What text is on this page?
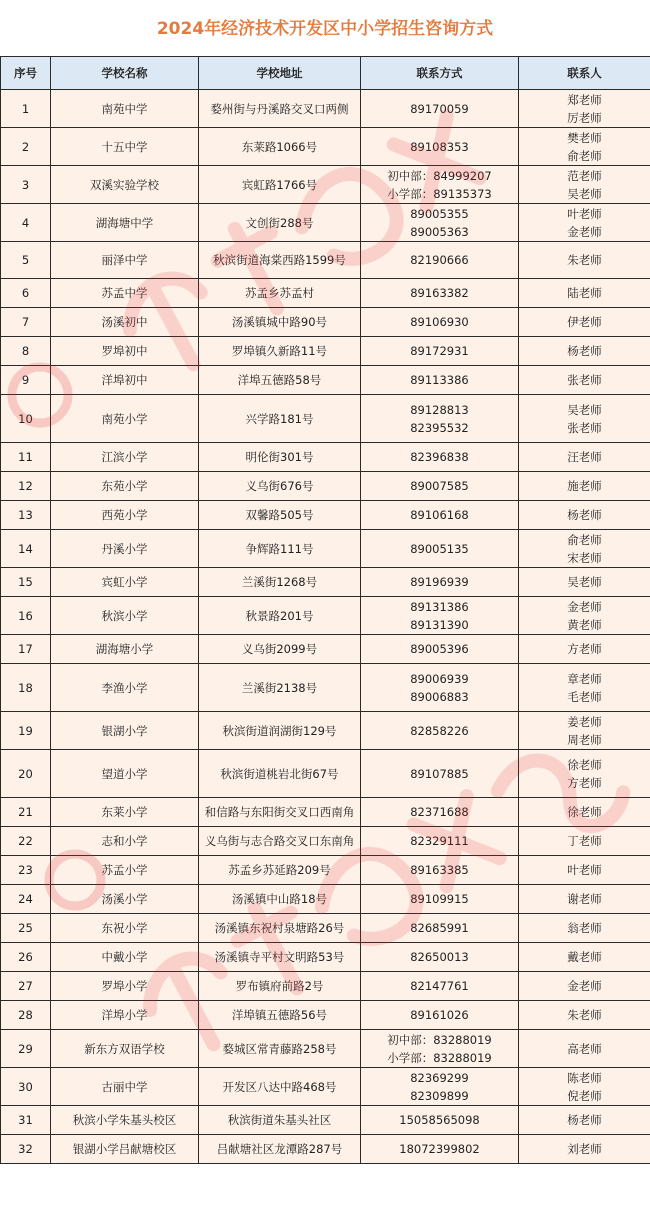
2024年经济技术开发区中小学招生咨询方式
序号	学校名称	学校地址	联系方式	联系人
1	南苑中学	婺州街与丹溪路交叉口两侧	89170059	郑老师
厉老师

2	十五中学	东莱路1066号	89108353	樊老师
俞老师

3	双溪实验学校	宾虹路1766号	初中部：84999207
小学部：89135373	范老师
吴老师

4	湖海塘中学	文创街288号	89005355
89005363	叶老师
金老师

5	丽泽中学	秋滨街道海棠西路1599号	82190666	朱老师

6	苏孟中学	苏孟乡苏孟村	89163382	陆老师

7	汤溪初中	汤溪镇城中路90号	89106930	伊老师

8	罗埠初中	罗埠镇久新路11号	89172931	杨老师

9	洋埠初中	洋埠五德路58号	89113386	张老师

10	南苑小学	兴学路181号	89128813
82395532	吴老师
张老师

11	江滨小学	明伦街301号	82396838	汪老师

12	东苑小学	义乌街676号	89007585	施老师

13	西苑小学	双馨路505号	89106168	杨老师

14	丹溪小学	争辉路111号	89005135	俞老师
宋老师

15	宾虹小学	兰溪街1268号	89196939	吴老师

16	秋滨小学	秋景路201号	89131386
89131390	金老师
黄老师

17	湖海塘小学	义乌街2099号	89005396	方老师

18	李渔小学	兰溪街2138号	89006939
89006883	章老师
毛老师

19	银湖小学	秋滨街道润湖街129号	82858226	姜老师
周老师

20	望道小学	秋滨街道桃岩北街67号	89107885	徐老师
方老师

21	东莱小学	和信路与东阳街交叉口西南角	82371688	徐老师

22	志和小学	义乌街与志合路交叉口东南角	82329111	丁老师

23	苏孟小学	苏孟乡苏延路209号	89163385	叶老师

24	汤溪小学	汤溪镇中山路18号	89109915	谢老师

25	东祝小学	汤溪镇东祝村泉塘路26号	82685991	翁老师

26	中戴小学	汤溪镇寺平村文明路53号	82650013	戴老师

27	罗埠小学	罗布镇府前路2号	82147761	金老师

28	洋埠小学	洋埠镇五德路56号	89161026	朱老师

29	新东方双语学校	婺城区常青藤路258号	初中部：83288019
小学部：83288019	高老师

30	古丽中学	开发区八达中路468号	82369299
82309899	陈老师
倪老师

31	秋滨小学朱基头校区	秋滨街道朱基头社区	15058565098	杨老师

32	银湖小学吕献塘校区	吕献塘社区龙潭路287号	18072399802	刘老师
